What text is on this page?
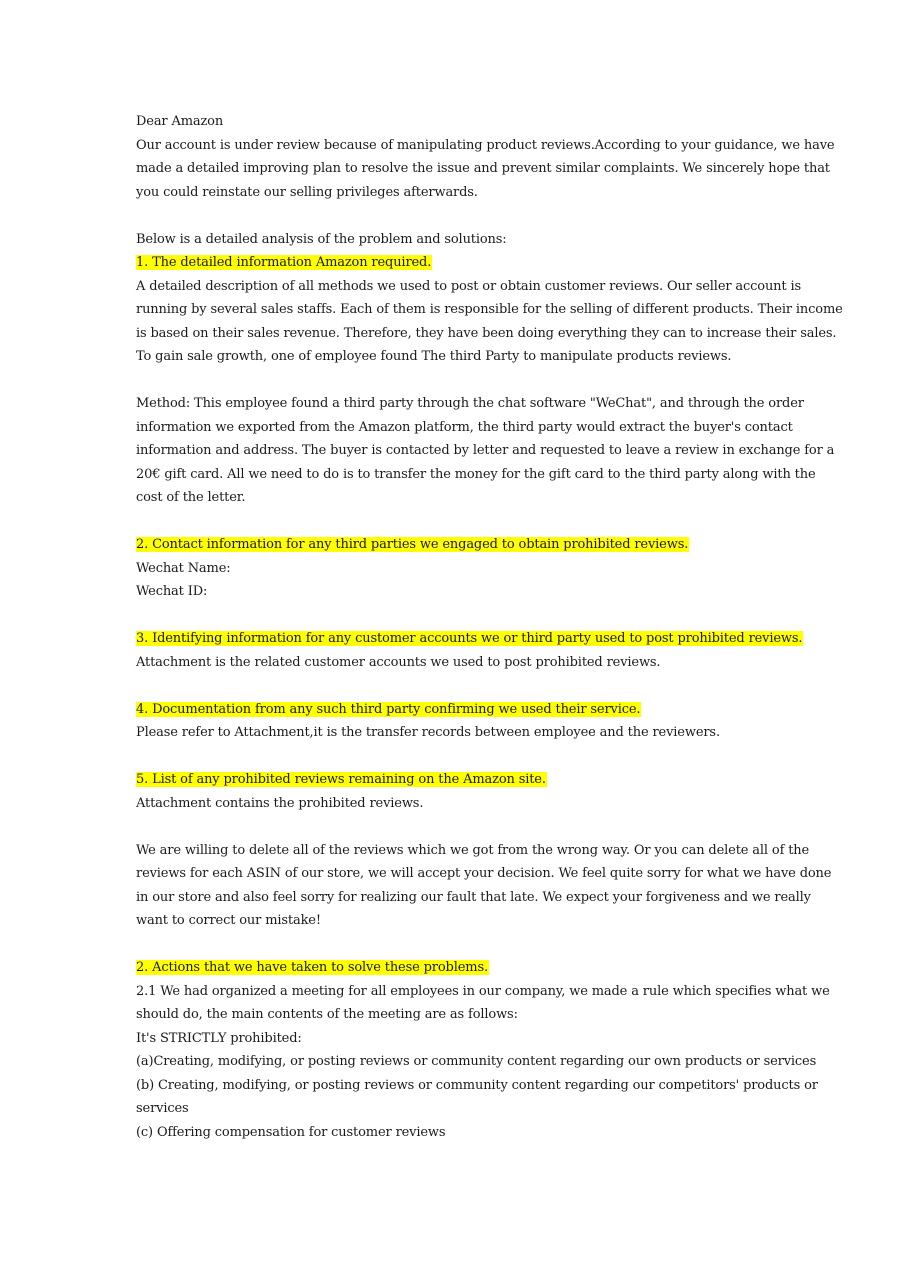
Dear Amazon
Our account is under review because of manipulating product reviews.According to your guidance, we have
made a detailed improving plan to resolve the issue and prevent similar complaints. We sincerely hope that
you could reinstate our selling privileges afterwards.
Below is a detailed analysis of the problem and solutions:
1. The detailed information Amazon required.
A detailed description of all methods we used to post or obtain customer reviews. Our seller account is
running by several sales staffs. Each of them is responsible for the selling of different products. Their income
is based on their sales revenue. Therefore, they have been doing everything they can to increase their sales.
To gain sale growth, one of employee found The third Party to manipulate products reviews.
Method: This employee found a third party through the chat software "WeChat", and through the order
information we exported from the Amazon platform, the third party would extract the buyer's contact
information and address. The buyer is contacted by letter and requested to leave a review in exchange for a
20€ gift card. All we need to do is to transfer the money for the gift card to the third party along with the
cost of the letter.
2. Contact information for any third parties we engaged to obtain prohibited reviews.
Wechat Name:
Wechat ID:
3. Identifying information for any customer accounts we or third party used to post prohibited reviews.
Attachment is the related customer accounts we used to post prohibited reviews.
4. Documentation from any such third party confirming we used their service.
Please refer to Attachment,it is the transfer records between employee and the reviewers.
5. List of any prohibited reviews remaining on the Amazon site.
Attachment contains the prohibited reviews.
We are willing to delete all of the reviews which we got from the wrong way. Or you can delete all of the
reviews for each ASIN of our store, we will accept your decision. We feel quite sorry for what we have done
in our store and also feel sorry for realizing our fault that late. We expect your forgiveness and we really
want to correct our mistake!
2. Actions that we have taken to solve these problems.
2.1 We had organized a meeting for all employees in our company, we made a rule which specifies what we
should do, the main contents of the meeting are as follows:
It's STRICTLY prohibited:
(a)Creating, modifying, or posting reviews or community content regarding our own products or services
(b) Creating, modifying, or posting reviews or community content regarding our competitors' products or
services
(c) Offering compensation for customer reviews
